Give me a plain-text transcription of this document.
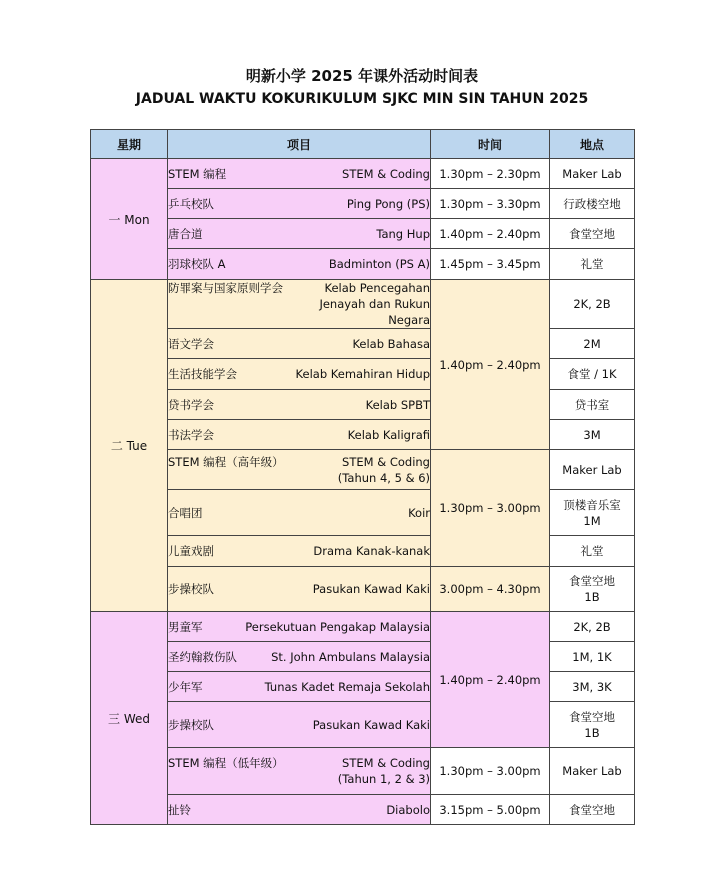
明新小学 2025 年课外活动时间表
JADUAL WAKTU KOKURIKULUM SJKC MIN SIN TAHUN 2025
星期	项目	时间	地点
一 Mon	STEM 编程 STEM & Coding	1.30pm – 2.30pm	Maker Lab

	乒乓校队 Ping Pong (PS)	1.30pm – 3.30pm	行政楼空地

	唐合道 Tang Hup	1.40pm – 2.40pm	食堂空地

	羽球校队 A Badminton (PS A)	1.45pm – 3.45pm	礼堂
二 Tue	防罪案与国家原则学会 Kelab Pencegahan Jenayah dan Rukun Negara	1.40pm – 2.40pm	2K, 2B

	语文学会 Kelab Bahasa		2M

	生活技能学会 Kelab Kemahiran Hidup		食堂 / 1K

	贷书学会 Kelab SPBT		贷书室

	书法学会 Kelab Kaligrafi		3M

	STEM 编程（高年级） STEM & Coding (Tahun 4, 5 & 6)	1.30pm – 3.00pm	Maker Lab

	合唱团 Koir		顶楼音乐室 1M

	儿童戏剧 Drama Kanak-kanak		礼堂

	步操校队 Pasukan Kawad Kaki	3.00pm – 4.30pm	食堂空地 1B
三 Wed	男童军 Persekutuan Pengakap Malaysia	1.40pm – 2.40pm	2K, 2B

	圣约翰救伤队 St. John Ambulans Malaysia		1M, 1K

	少年军 Tunas Kadet Remaja Sekolah		3M, 3K

	步操校队 Pasukan Kawad Kaki		食堂空地 1B

	STEM 编程（低年级） STEM & Coding (Tahun 1, 2 & 3)	1.30pm – 3.00pm	Maker Lab

	扯铃 Diabolo	3.15pm – 5.00pm	食堂空地
